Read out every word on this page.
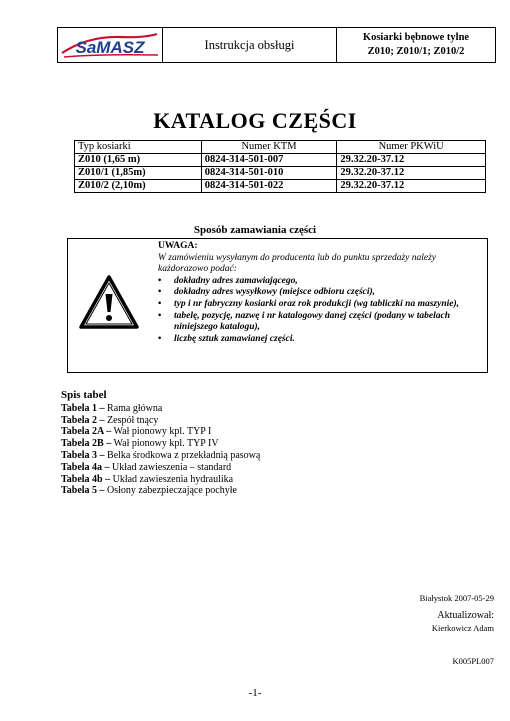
SaMASZ	Instrukcja obsługi	Kosiarki bębnowe tylne
Z010; Z010/1; Z010/2
KATALOG CZĘŚCI
Typ kosiarki	Numer KTM	Numer PKWiU
Z010 (1,65 m)	0824-314-501-007	29.32.20-37.12
Z010/1 (1,85m)	0824-314-501-010	29.32.20-37.12
Z010/2 (2,10m)	0824-314-501-022	29.32.20-37.12
Sposób zamawiania części
UWAGA:
W zamówieniu wysyłanym do producenta lub do punktu sprzedaży należy każdorazowo podać:
• dokładny adres zamawiającego,
• dokładny adres wysyłkowy (miejsce odbioru części),
• typ i nr fabryczny kosiarki oraz rok produkcji (wg tabliczki na maszynie),
• tabelę, pozycję, nazwę i nr katalogowy danej części (podany w tabelach niniejszego katalogu),
• liczbę sztuk zamawianej części.
Spis tabel
Tabela 1 – Rama główna
Tabela 2 – Zespół tnący
Tabela 2A – Wał pionowy kpl. TYP I
Tabela 2B – Wał pionowy kpl. TYP IV
Tabela 3 – Belka środkowa z przekładnią pasową
Tabela 4a – Układ zawieszenia – standard
Tabela 4b – Układ zawieszenia hydraulika
Tabela 5 – Osłony zabezpieczające pochyłe
Białystok 2007-05-29
Aktualizował:
Kierkowicz Adam
K005PL007
-1-
